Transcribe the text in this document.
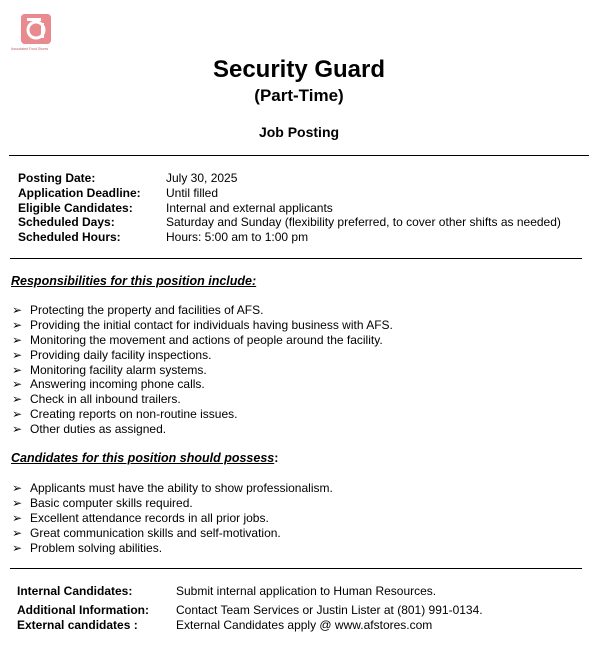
Associated Food Stores
Security Guard
(Part-Time)
Job Posting
Posting Date:	July 30, 2025
Application Deadline:	Until filled
Eligible Candidates:	Internal and external applicants
Scheduled Days:	Saturday and Sunday (flexibility preferred, to cover other shifts as needed)
Scheduled Hours:	Hours: 5:00 am to 1:00 pm
Responsibilities for this position include:
➢ Protecting the property and facilities of AFS.
➢ Providing the initial contact for individuals having business with AFS.
➢ Monitoring the movement and actions of people around the facility.
➢ Providing daily facility inspections.
➢ Monitoring facility alarm systems.
➢ Answering incoming phone calls.
➢ Check in all inbound trailers.
➢ Creating reports on non-routine issues.
➢ Other duties as assigned.
Candidates for this position should possess:
➢ Applicants must have the ability to show professionalism.
➢ Basic computer skills required.
➢ Excellent attendance records in all prior jobs.
➢ Great communication skills and self-motivation.
➢ Problem solving abilities.
Internal Candidates:	Submit internal application to Human Resources.
Additional Information:	Contact Team Services or Justin Lister at (801) 991-0134.
External candidates :	External Candidates apply @ www.afstores.com
